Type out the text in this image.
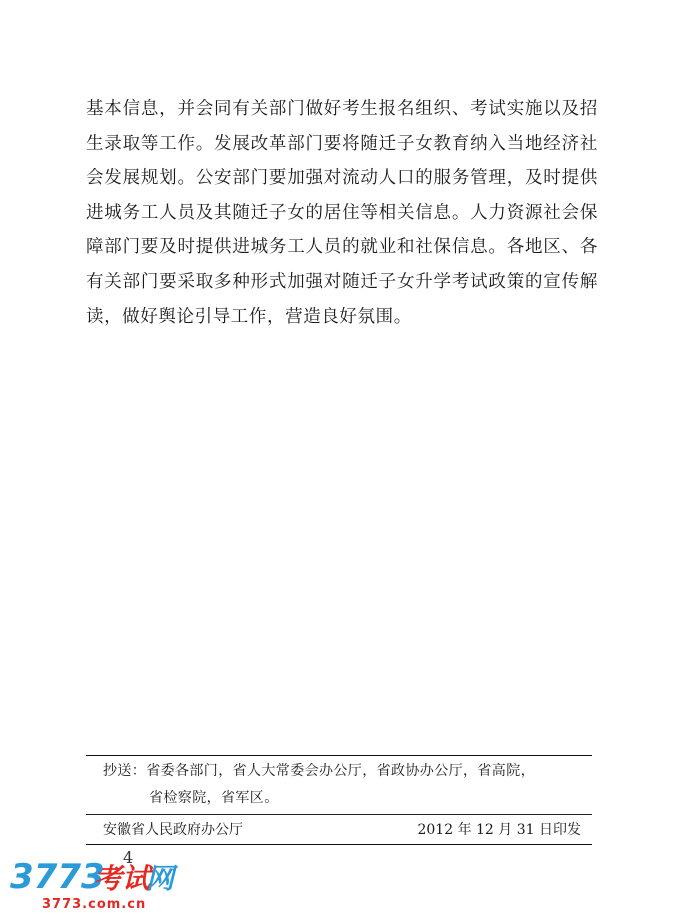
基本信息，并会同有关部门做好考生报名组织、考试实施以及招生录取等工作。发展改革部门要将随迁子女教育纳入当地经济社会发展规划。公安部门要加强对流动人口的服务管理，及时提供进城务工人员及其随迁子女的居住等相关信息。人力资源社会保障部门要及时提供进城务工人员的就业和社保信息。各地区、各有关部门要采取多种形式加强对随迁子女升学考试政策的宣传解读，做好舆论引导工作，营造良好氛围。

抄送：省委各部门，省人大常委会办公厅，省政协办公厅，省高院，
省检察院，省军区。
安徽省人民政府办公厅	2012 年 12 月 31 日印发
4
3773
考试
网
3773.com.cn
